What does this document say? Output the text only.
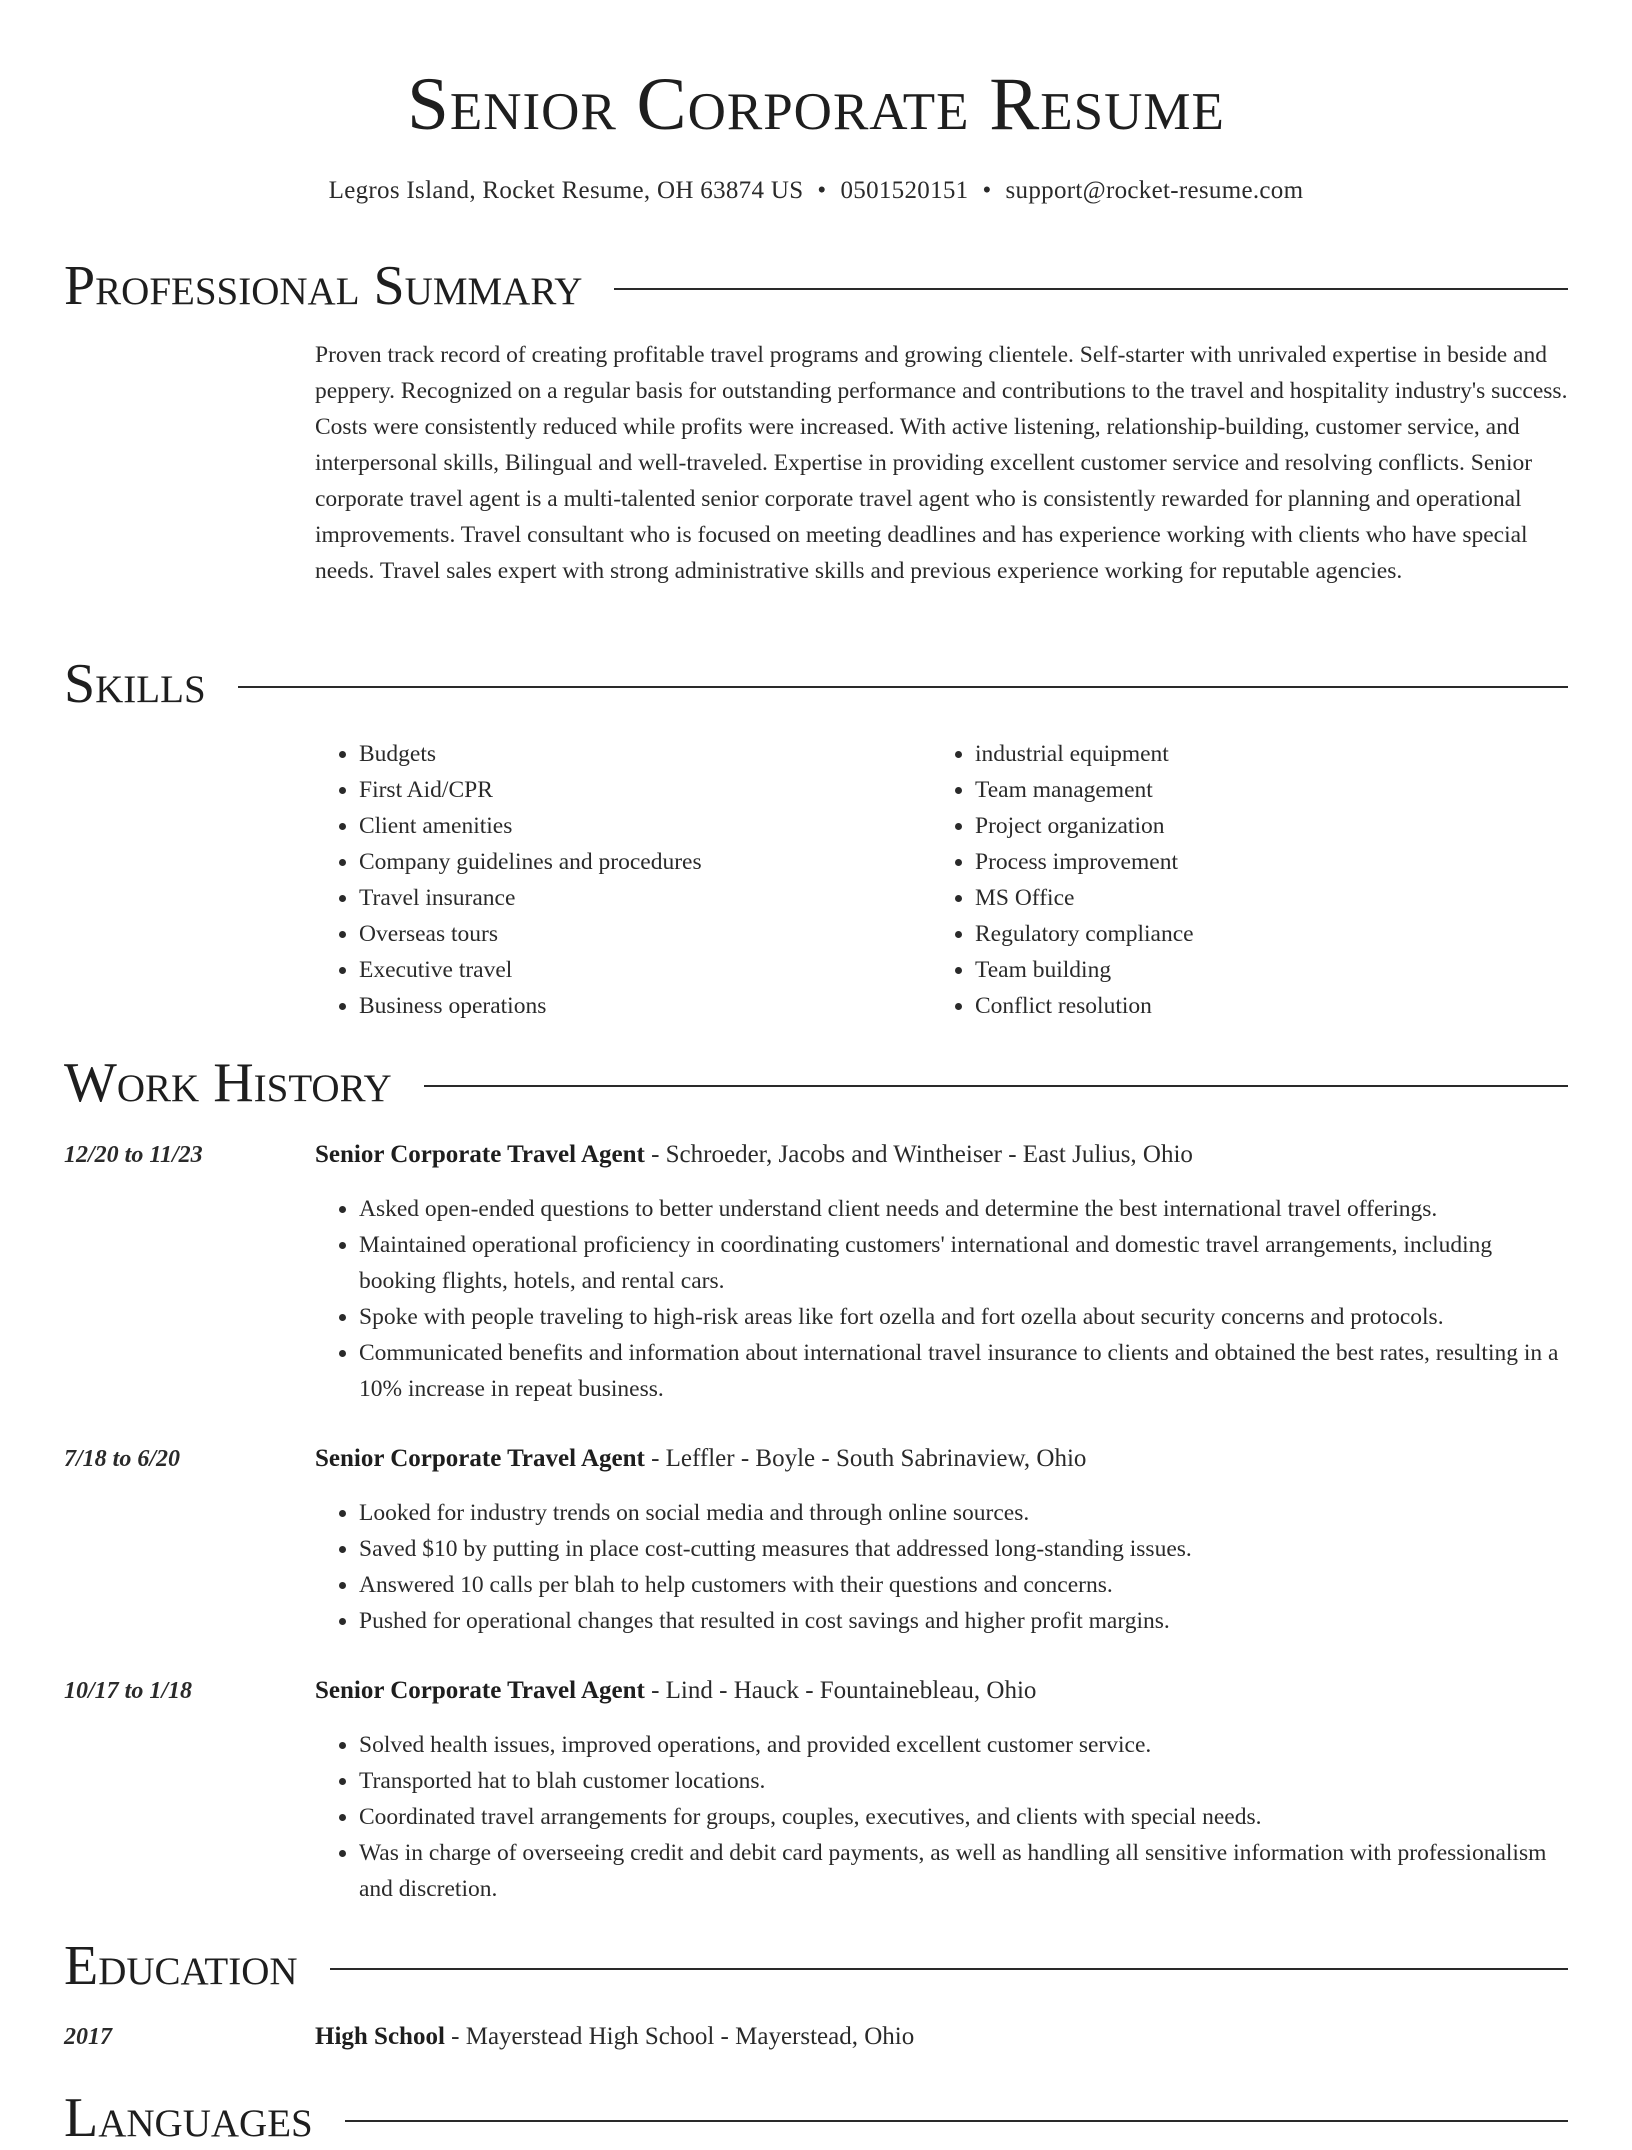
Senior Corporate Resume
Legros Island, Rocket Resume, OH 63874 US • 0501520151 • support@rocket-resume.com
Professional Summary
Proven track record of creating profitable travel programs and growing clientele. Self-starter with unrivaled expertise in beside and peppery. Recognized on a regular basis for outstanding performance and contributions to the travel and hospitality industry's success. Costs were consistently reduced while profits were increased. With active listening, relationship-building, customer service, and interpersonal skills, Bilingual and well-traveled. Expertise in providing excellent customer service and resolving conflicts. Senior corporate travel agent is a multi-talented senior corporate travel agent who is consistently rewarded for planning and operational improvements. Travel consultant who is focused on meeting deadlines and has experience working with clients who have special needs. Travel sales expert with strong administrative skills and previous experience working for reputable agencies.
Skills
• Budgets
• First Aid/CPR
• Client amenities
• Company guidelines and procedures
• Travel insurance
• Overseas tours
• Executive travel
• Business operations
• industrial equipment
• Team management
• Project organization
• Process improvement
• MS Office
• Regulatory compliance
• Team building
• Conflict resolution
Work History
12/20 to 11/23	Senior Corporate Travel Agent - Schroeder, Jacobs and Wintheiser - East Julius, Ohio
• Asked open-ended questions to better understand client needs and determine the best international travel offerings.
• Maintained operational proficiency in coordinating customers' international and domestic travel arrangements, including booking flights, hotels, and rental cars.
• Spoke with people traveling to high-risk areas like fort ozella and fort ozella about security concerns and protocols.
• Communicated benefits and information about international travel insurance to clients and obtained the best rates, resulting in a 10% increase in repeat business.
7/18 to 6/20	Senior Corporate Travel Agent - Leffler - Boyle - South Sabrinaview, Ohio
• Looked for industry trends on social media and through online sources.
• Saved $10 by putting in place cost-cutting measures that addressed long-standing issues.
• Answered 10 calls per blah to help customers with their questions and concerns.
• Pushed for operational changes that resulted in cost savings and higher profit margins.
10/17 to 1/18	Senior Corporate Travel Agent - Lind - Hauck - Fountainebleau, Ohio
• Solved health issues, improved operations, and provided excellent customer service.
• Transported hat to blah customer locations.
• Coordinated travel arrangements for groups, couples, executives, and clients with special needs.
• Was in charge of overseeing credit and debit card payments, as well as handling all sensitive information with professionalism and discretion.
Education
2017	High School - Mayerstead High School - Mayerstead, Ohio
Languages
